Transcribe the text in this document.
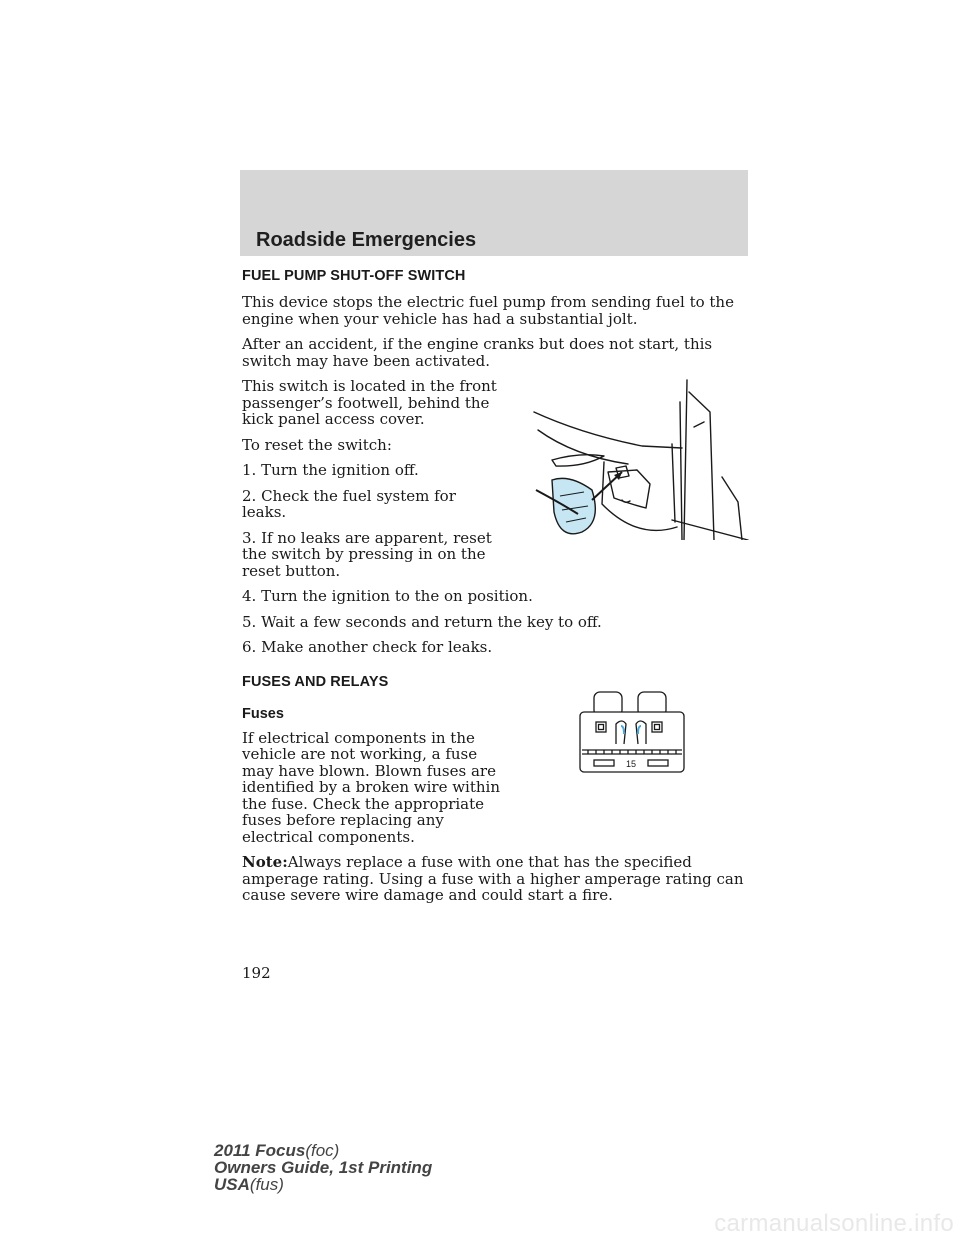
Roadside Emergencies
FUEL PUMP SHUT-OFF SWITCH

This device stops the electric fuel pump from sending fuel to the engine when your vehicle has had a substantial jolt.

After an accident, if the engine cranks but does not start, this switch may have been activated.

This switch is located in the front passenger’s footwell, behind the kick panel access cover.

To reset the switch:

1. Turn the ignition off.

2. Check the fuel system for leaks.

3. If no leaks are apparent, reset the switch by pressing in on the reset button.

4. Turn the ignition to the on position.

5. Wait a few seconds and return the key to off.

6. Make another check for leaks.

FUSES AND RELAYS
Fuses

If electrical components in the vehicle are not working, a fuse may have blown. Blown fuses are identified by a broken wire within the fuse. Check the appropriate fuses before replacing any electrical components.

Note:Always replace a fuse with one that has the specified amperage rating. Using a fuse with a higher amperage rating can cause severe wire damage and could start a fire.

15
192
2011 Focus(foc)
Owners Guide, 1st Printing
USA(fus)
carmanualsonline.info
